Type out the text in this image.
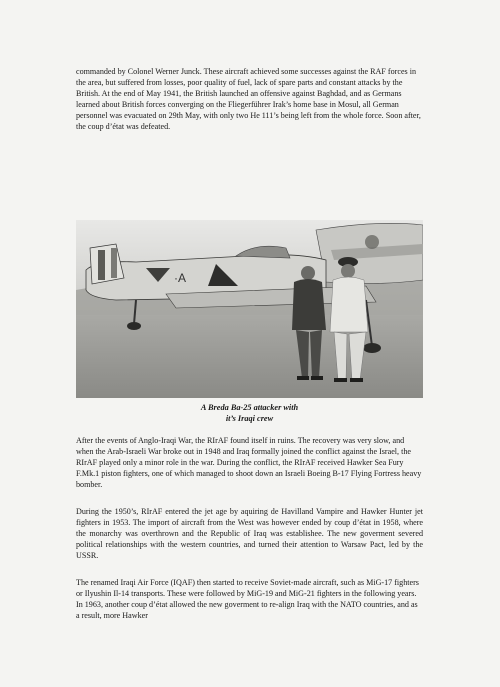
commanded by Colonel Werner Junck. These aircraft achieved some successes against the RAF forces in the area, but suffered from losses, poor quality of fuel, lack of spare parts and constant attacks by the British. At the end of May 1941, the British launched an offensive against Baghdad, and as Germans learned about British forces converging on the Fliegerführer Irak’s home base in Mosul, all German personnel was evacuated on 29th May, with only two He 111’s being left from the whole force. Soon after, the coup d’état was defeated.

·A
A Breda Ba-25 attacker with
it’s Iraqi crew

After the events of Anglo-Iraqi War, the RIrAF found itself in ruins. The recovery was very slow, and when the Arab-Israeli War broke out in 1948 and Iraq formally joined the conflict against the Israel, the RIrAF played only a minor role in the war. During the conflict, the RIrAF received Hawker Sea Fury F.Mk.1 piston fighters, one of which managed to shoot down an Israeli Boeing B-17 Flying Fortress heavy bomber.

During the 1950’s, RIrAF entered the jet age by aquiring de Havilland Vampire and Hawker Hunter jet fighters in 1953. The import of aircraft from the West was however ended by coup d’état in 1958, where the monarchy was overthrown and the Republic of Iraq was establishee. The new goverment severed political relationships with the western countries, and turned their attention to Warsaw Pact, led by the USSR.

The renamed Iraqi Air Force (IQAF) then started to receive Soviet-made aircraft, such as MiG-17 fighters or Ilyushin Il-14 transports. These were followed by MiG-19 and MiG-21 fighters in the following years. In 1963, another coup d’état allowed the new goverment to re-align Iraq with the NATO countries, and as a result, more Hawker
